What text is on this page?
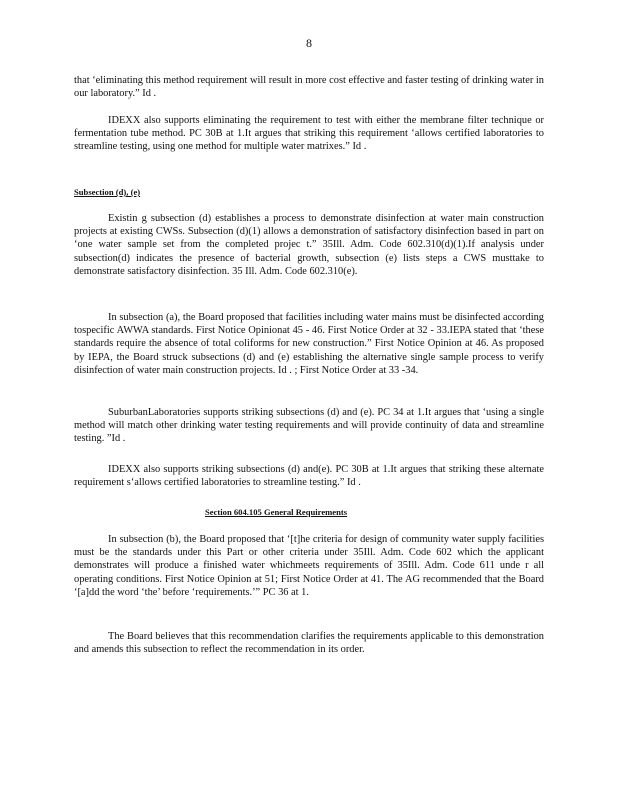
8

that ‘eliminating this method requirement will result in more cost effective and faster testing of drinking water in our laboratory.” Id .

IDEXX also supports eliminating the requirement to test with either the membrane filter technique or fermentation tube method. PC 30B at 1.It argues that striking this requirement ‘allows certified laboratories to streamline testing, using one method for multiple water matrixes.” Id .

Subsection (d), (e)

Existin g subsection (d) establishes a process to demonstrate disinfection at water main construction projects at existing CWSs. Subsection (d)(1) allows a demonstration of satisfactory disinfection based in part on ‘one water sample set from the completed projec t.” 35Ill. Adm. Code 602.310(d)(1).If analysis under subsection(d) indicates the presence of bacterial growth, subsection (e) lists steps a CWS musttake to demonstrate satisfactory disinfection. 35 Ill. Adm. Code 602.310(e).

In subsection (a), the Board proposed that facilities including water mains must be disinfected according tospecific AWWA standards. First Notice Opinionat 45 - 46. First Notice Order at 32 - 33.IEPA stated that ‘these standards require the absence of total coliforms for new construction.” First Notice Opinion at 46. As proposed by IEPA, the Board struck subsections (d) and (e) establishing the alternative single sample process to verify disinfection of water main construction projects. Id . ; First Notice Order at 33 -34.

SuburbanLaboratories supports striking subsections (d) and (e). PC 34 at 1.It argues that ‘using a single method will match other drinking water testing requirements and will provide continuity of data and streamline testing. ”Id .

IDEXX also supports striking subsections (d) and(e). PC 30B at 1.It argues that striking these alternate requirement s‘allows certified laboratories to streamline testing.” Id .

Section 604.105 General Requirements

In subsection (b), the Board proposed that ‘[t]he criteria for design of community water supply facilities must be the standards under this Part or other criteria under 35Ill. Adm. Code 602 which the applicant demonstrates will produce a finished water whichmeets requirements of 35Ill. Adm. Code 611 unde r all operating conditions. First Notice Opinion at 51; First Notice Order at 41. The AG recommended that the Board ‘[a]dd the word ‘the’ before ‘requirements.’” PC 36 at 1.

The Board believes that this recommendation clarifies the requirements applicable to this demonstration and amends this subsection to reflect the recommendation in its order.
